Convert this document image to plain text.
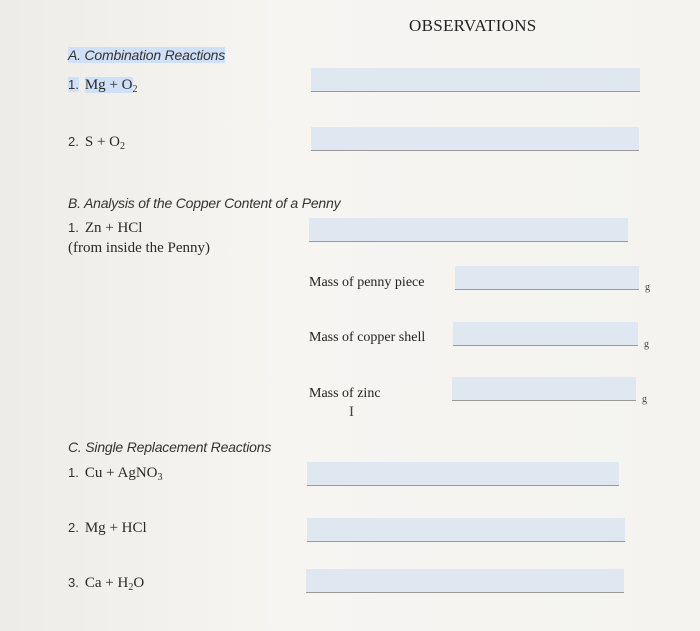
OBSERVATIONS
A. Combination Reactions
1. $Mg + O_2$
2. $S + O_2$
B. Analysis of the Copper Content of a Penny
1. Zn + HCl
(from inside the Penny)
Mass of penny piece	g
Mass of copper shell	g
Mass of zinc	g
I
C. Single Replacement Reactions
1. Cu + AgNO$_3$
2. Mg + HCl
3. $Ca + H_2O$
